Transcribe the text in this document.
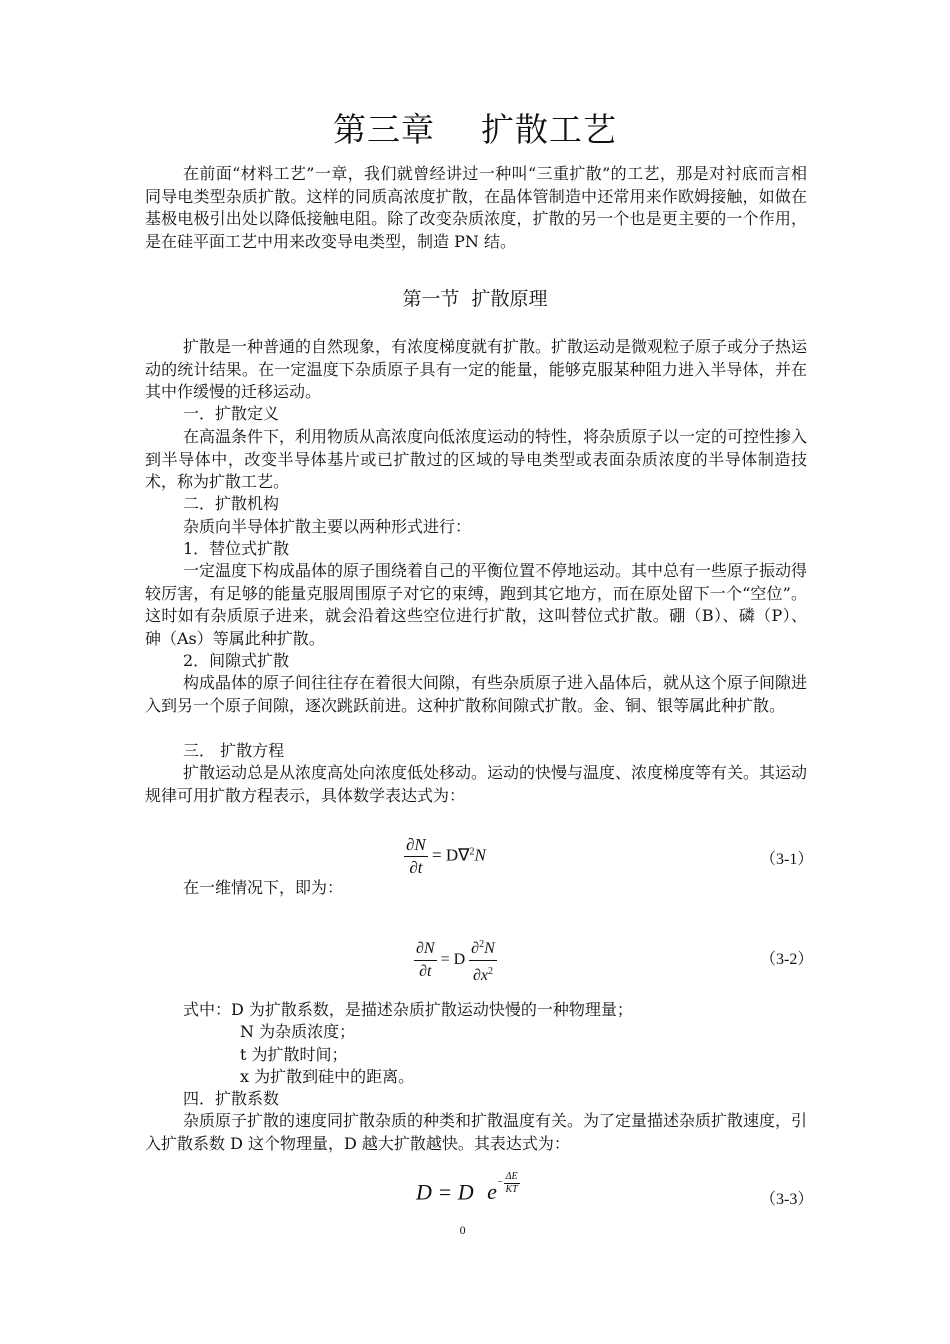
第三章    扩散工艺

在前面“材料工艺”一章，我们就曾经讲过一种叫“三重扩散”的工艺，那是对衬底而言相同导电类型杂质扩散。这样的同质高浓度扩散，在晶体管制造中还常用来作欧姆接触，如做在基极电极引出处以降低接触电阻。除了改变杂质浓度，扩散的另一个也是更主要的一个作用，是在硅平面工艺中用来改变导电类型，制造 PN 结。

第一节  扩散原理

扩散是一种普通的自然现象，有浓度梯度就有扩散。扩散运动是微观粒子原子或分子热运动的统计结果。在一定温度下杂质原子具有一定的能量，能够克服某种阻力进入半导体，并在其中作缓慢的迁移运动。

一．扩散定义

在高温条件下，利用物质从高浓度向低浓度运动的特性，将杂质原子以一定的可控性掺入到半导体中，改变半导体基片或已扩散过的区域的导电类型或表面杂质浓度的半导体制造技术，称为扩散工艺。

二．扩散机构
杂质向半导体扩散主要以两种形式进行：
1．替位式扩散

一定温度下构成晶体的原子围绕着自己的平衡位置不停地运动。其中总有一些原子振动得较厉害，有足够的能量克服周围原子对它的束缚，跑到其它地方，而在原处留下一个“空位”。这时如有杂质原子进来，就会沿着这些空位进行扩散，这叫替位式扩散。硼（B）、磷（P）、砷（As）等属此种扩散。

2．间隙式扩散

构成晶体的原子间往往存在着很大间隙，有些杂质原子进入晶体后，就从这个原子间隙进入到另一个原子间隙，逐次跳跃前进。这种扩散称间隙式扩散。金、铜、银等属此种扩散。

三． 扩散方程

扩散运动总是从浓度高处向浓度低处移动。运动的快慢与温度、浓度梯度等有关。其运动规律可用扩散方程表示，具体数学表达式为：

$\frac{\partial N}{\partial t} = D\nabla^2N$	（3-1）
在一维情况下，即为：
$\frac{\partial N}{\partial t} = D \frac{\partial^2N}{\partial x^2}$	（3-2）
式中：D 为扩散系数，是描述杂质扩散运动快慢的一种物理量；
N 为杂质浓度；
t 为扩散时间；
x 为扩散到硅中的距离。
四．扩散系数

杂质原子扩散的速度同扩散杂质的种类和扩散温度有关。为了定量描述杂质扩散速度，引入扩散系数 D 这个物理量，D 越大扩散越快。其表达式为：

D = D
0
$e- \frac{\Delta E}{KT}$
（3-3）
